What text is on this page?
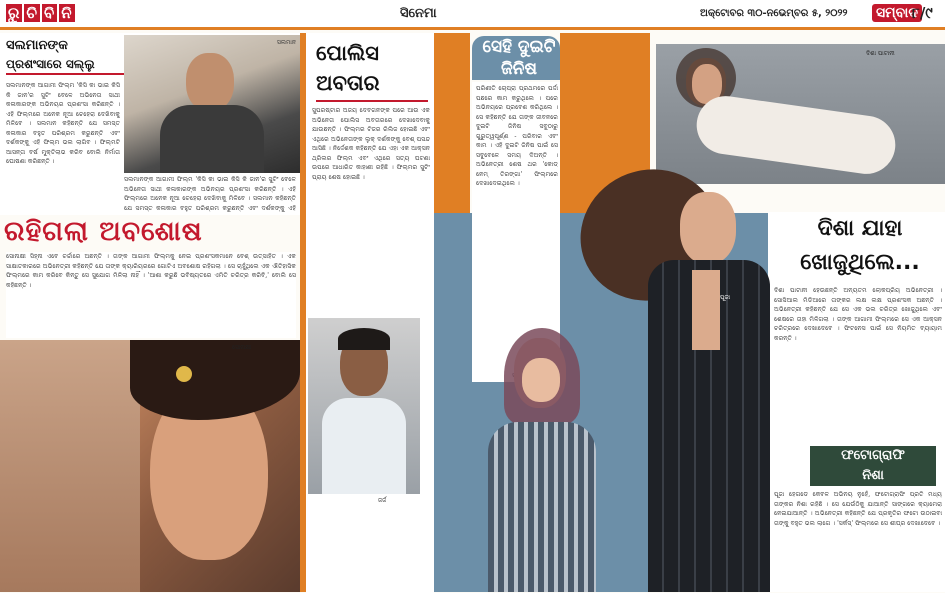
ରୁ ଚି ବି ନି	ସିନେମା	ଅକ୍ଟୋବର ୩୦-ନଭେମ୍ବର ୫, ୨୦୨୨ ସମ୍ବାଦ
୮/୯
ସଲମାନଙ୍କ
ପ୍ରଶଂସାରେ ସଲ୍ଲୁ
ସଲମାନ
ସଲମାନଙ୍କ ଆଗାମୀ ଫିଲ୍ମ 'କିସି କା ଭାଇ କିସି କି ଜାନ'ର ସୁଟିଂ ବେଳେ ଅଭିନେତା ସାଥୀ କଳାକାରଙ୍କ ଅଭିନୟର ପ୍ରଶଂସା କରିଛନ୍ତି । ଏହି ଫିଲ୍ମରେ ଅନେକ ନୂଆ ଚେହେରା ଦେଖିବାକୁ ମିଳିବେ । ସଲମାନ କହିଛନ୍ତି ଯେ ସମସ୍ତ କଳାକାର ବହୁତ ପରିଶ୍ରମ କରୁଛନ୍ତି ଏବଂ ଦର୍ଶକଙ୍କୁ ଏହି ଫିଲ୍ମ ଭଲ ଲାଗିବ । ଫିଲ୍ମଟି ଆସନ୍ତା ବର୍ଷ ମୁକ୍ତିଲାଭ କରିବ ବୋଲି ନିର୍ମାତା ଘୋଷଣା କରିଛନ୍ତି ।
ସଲମାନଙ୍କ ଆଗାମୀ ଫିଲ୍ମ 'କିସି କା ଭାଇ କିସି କି ଜାନ'ର ସୁଟିଂ ବେଳେ ଅଭିନେତା ସାଥୀ କଳାକାରଙ୍କ ଅଭିନୟର ପ୍ରଶଂସା କରିଛନ୍ତି । ଏହି ଫିଲ୍ମରେ ଅନେକ ନୂଆ ଚେହେରା ଦେଖିବାକୁ ମିଳିବେ । ସଲମାନ କହିଛନ୍ତି ଯେ ସମସ୍ତ କଳାକାର ବହୁତ ପରିଶ୍ରମ କରୁଛନ୍ତି ଏବଂ ଦର୍ଶକଙ୍କୁ ଏହି
ରହିଗଲା ଅବଶୋଷ
ସୋନାକ୍ଷୀ ସିହ୍ନା ଏବେ ଚର୍ଚ୍ଚାରେ ଅଛନ୍ତି । ତାଙ୍କ ଆଗାମୀ ଫିଲ୍ମକୁ ନେଇ ପ୍ରଶଂସକମାନେ ବେଶ୍ ଉତ୍ସାହିତ । ଏକ ସାକ୍ଷାତକାରରେ ଅଭିନେତ୍ରୀ କହିଛନ୍ତି ଯେ ତାଙ୍କ କ୍ୟାରିୟରରେ ଗୋଟିଏ ଅବଶୋଷ ରହିଗଲା । ସେ ଚାହୁଁଥିଲେ ଏକ ଐତିହାସିକ ଫିଲ୍ମରେ କାମ କରିବେ କିନ୍ତୁ ସେ ସୁଯୋଗ ମିଳିଲା ନାହିଁ । 'ଆଶା କରୁଛି ଭବିଷ୍ୟତରେ ଏମିତି ଚରିତ୍ର କରିବି,' ବୋଲି ସେ କହିଛନ୍ତି ।
ସୋନାକ୍ଷୀ
ପୋଲିସ
ଅବତାର
ସୁପରଷ୍ଟାର ଅଜୟ ଦେବଗନଙ୍କ ପରେ ଆଉ ଏକ ଅଭିନେତା ପୋଲିସ ଅବତାରରେ ଦେଖାଦେବାକୁ ଯାଉଛନ୍ତି । ଫିଲ୍ମର ଟିଜର ରିଲିଜ ହୋଇଛି ଏବଂ ଏଥିରେ ଅଭିନେତାଙ୍କ ଲୁକ୍ ଦର୍ଶକଙ୍କୁ ବେଶ୍ ପସନ୍ଦ ଆସିଛି । ନିର୍ଦ୍ଦେଶକ କହିଛନ୍ତି ଯେ ଏହା ଏକ ଆକ୍ସନ ଥ୍ରିଲର ଫିଲ୍ମ ଏବଂ ଏଥିରେ ସତ୍ୟ ଘଟଣା ଉପରେ ଆଧାରିତ କାହାଣୀ ରହିଛି । ଫିଲ୍ମର ସୁଟିଂ ପ୍ରାୟ ଶେଷ ହୋଇଛି ।
ଜର୍ଜ
ସେହି ଦୁଇଟି
ଜିନିଷ
ପରିଣୀତି ଚୋପ୍ରା ପ୍ରଥମରେ ପର୍ଦ୍ଦା ପଛରେ କାମ କରୁଥିଲେ । ପରେ ଅଭିନୟରେ ପ୍ରବେଶ କରିଥିଲେ । ସେ କହିଛନ୍ତି ଯେ ତାଙ୍କ ଜୀବନରେ ଦୁଇଟି ଜିନିଷ ସବୁଠାରୁ ଗୁରୁତ୍ୱପୂର୍ଣ୍ଣ - ପରିବାର ଏବଂ କାମ । ଏହି ଦୁଇଟି ଜିନିଷ ପାଇଁ ସେ ସବୁବେଳେ ସମୟ ଦିଅନ୍ତି । ଅଭିନେତ୍ରୀ ଶେଷ ଥର 'କୋଡ୍ ନେମ୍ ତିରଙ୍ଗା' ଫିଲ୍ମରେ ଦେଖାଦେଇଥିଲେ ।
ଦିଶା ପାଟାନୀ
ଦିଶା ଯାହା
ଖୋଜୁଥିଲେ...
ପୂଜା
ଦିଶା ପାଟାନୀ ହେଉଛନ୍ତି ଅନ୍ୟତମ ଲୋକପ୍ରିୟ ଅଭିନେତ୍ରୀ । ସୋସିଆଲ ମିଡିଆରେ ତାଙ୍କର ଲକ୍ଷ ଲକ୍ଷ ପ୍ରଶଂସକ ଅଛନ୍ତି । ଅଭିନେତ୍ରୀ କହିଛନ୍ତି ଯେ ସେ ଏକ ଭଲ ଚରିତ୍ର ଖୋଜୁଥିଲେ ଏବଂ ଶେଷରେ ତାହା ମିଳିଗଲା । ତାଙ୍କ ଆଗାମୀ ଫିଲ୍ମରେ ସେ ଏକ ଆକ୍ସନ ଚରିତ୍ରରେ ଦେଖାଦେବେ । ଫିଟନେସ ପାଇଁ ସେ ନିୟମିତ ବ୍ୟାୟାମ କରନ୍ତି ।
ଫଟୋଗ୍ରାଫି
ନିଶା
ପୂଜା ହେଗଡେ କେବଳ ଅଭିନୟ ନୁହେଁ, ଫଟୋଗ୍ରାଫି ପ୍ରତି ମଧ୍ୟ ତାଙ୍କର ନିଶା ରହିଛି । ସେ ଯେଉଁଠିକୁ ଯାଆନ୍ତି ସାଙ୍ଗରେ କ୍ୟାମେରା ନେଇଯାଆନ୍ତି । ଅଭିନେତ୍ରୀ କହିଛନ୍ତି ଯେ ପ୍ରକୃତିର ଫଟୋ ଉଠାଇବା ତାଙ୍କୁ ବହୁତ ଭଲ ଲାଗେ । 'ସର୍କସ୍' ଫିଲ୍ମରେ ସେ ଶୀଘ୍ର ଦେଖାଦେବେ ।
